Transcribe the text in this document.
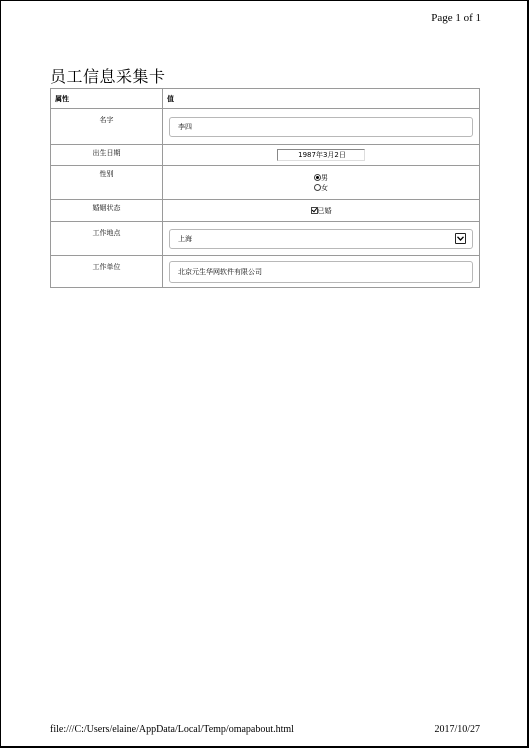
Page 1 of 1
员工信息采集卡
属性	值
名字	李四

出生日期	1987年3月2日
性别	男
女

婚姻状态	已婚
工作地点	上海

工作单位	北京元生华网软件有限公司
file:///C:/Users/elaine/AppData/Local/Temp/omapabout.html	2017/10/27
